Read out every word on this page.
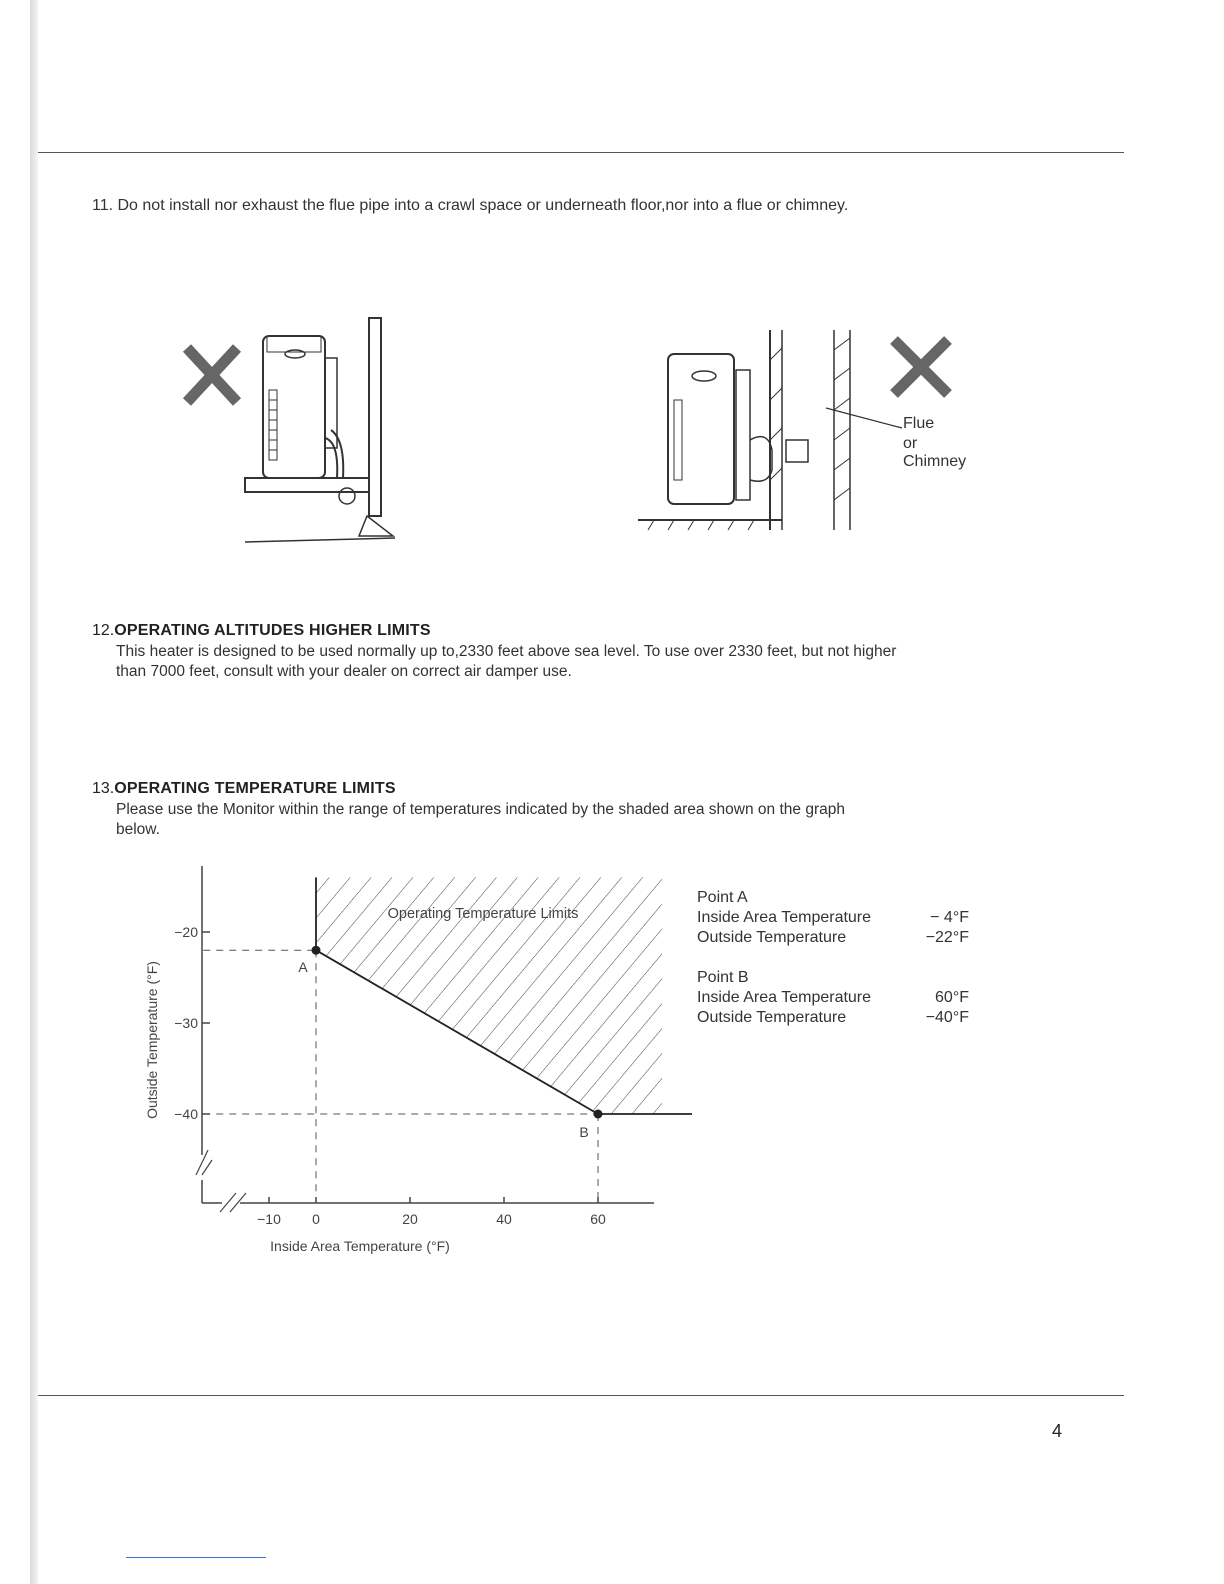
11. Do not install nor exhaust the flue pipe into a crawl space or underneath floor,nor into a flue or chimney.
Flue
or
Chimney
12.OPERATING ALTITUDES HIGHER LIMITS
This heater is designed to be used normally up to,2330 feet above sea level. To use over 2330 feet, but not higher
than 7000 feet, consult with your dealer on correct air damper use.
13.OPERATING TEMPERATURE LIMITS
Please use the Monitor within the range of temperatures indicated by the shaded area shown on the graph
below.
−10 0	20	40	60
−20
−30
−40
A
B
Operating Temperature Limits
Inside Area Temperature (°F)
Outside Temperature (°F)
Point A
Inside Area Temperature	− 4°F
Outside Temperature	−22°F
Point B
Inside Area Temperature	60°F
Outside Temperature	−40°F
4
